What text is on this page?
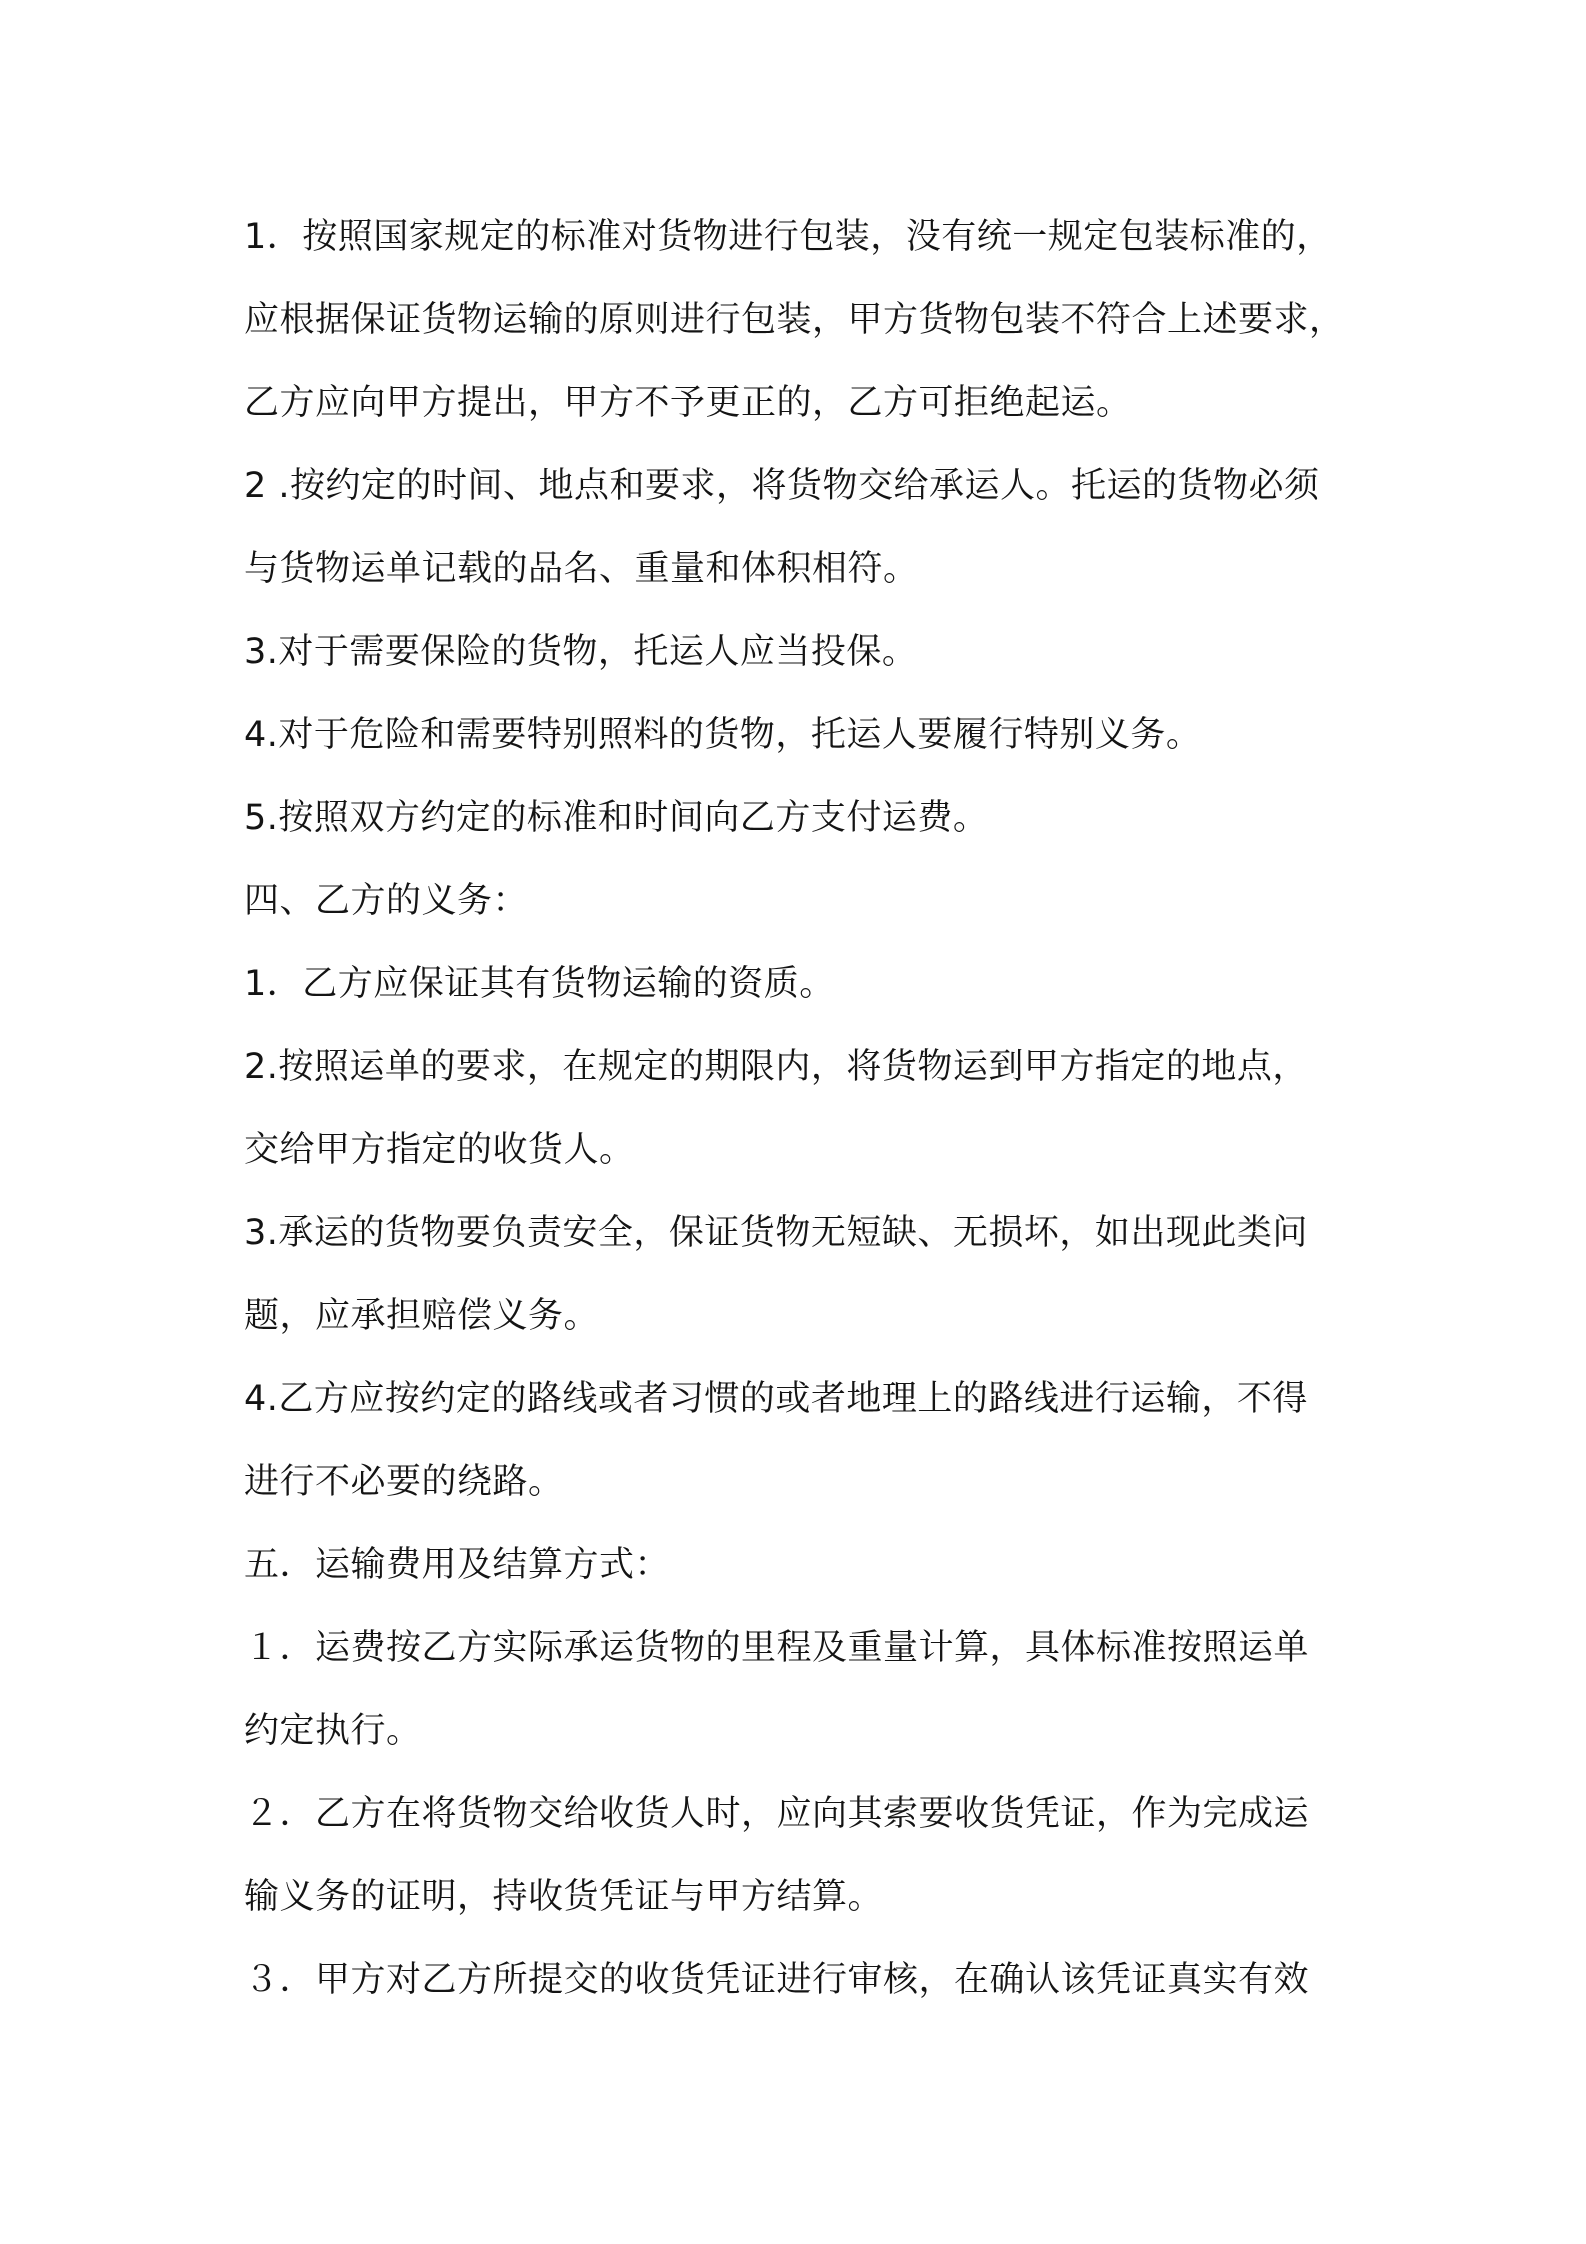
1．按照国家规定的标准对货物进行包装，没有统一规定包装标准的，
应根据保证货物运输的原则进行包装，甲方货物包装不符合上述要求，
乙方应向甲方提出，甲方不予更正的，乙方可拒绝起运。
2 .按约定的时间、地点和要求，将货物交给承运人。托运的货物必须
与货物运单记载的品名、重量和体积相符。
3.对于需要保险的货物，托运人应当投保。
4.对于危险和需要特别照料的货物，托运人要履行特别义务。
5.按照双方约定的标准和时间向乙方支付运费。
四、乙方的义务：
1．乙方应保证其有货物运输的资质。
2.按照运单的要求，在规定的期限内，将货物运到甲方指定的地点，
交给甲方指定的收货人。
3.承运的货物要负责安全，保证货物无短缺、无损坏，如出现此类问
题，应承担赔偿义务。
4.乙方应按约定的路线或者习惯的或者地理上的路线进行运输，不得
进行不必要的绕路。
五．运输费用及结算方式：
１．运费按乙方实际承运货物的里程及重量计算，具体标准按照运单
约定执行。
２．乙方在将货物交给收货人时，应向其索要收货凭证，作为完成运
输义务的证明，持收货凭证与甲方结算。
３．甲方对乙方所提交的收货凭证进行审核，在确认该凭证真实有效
